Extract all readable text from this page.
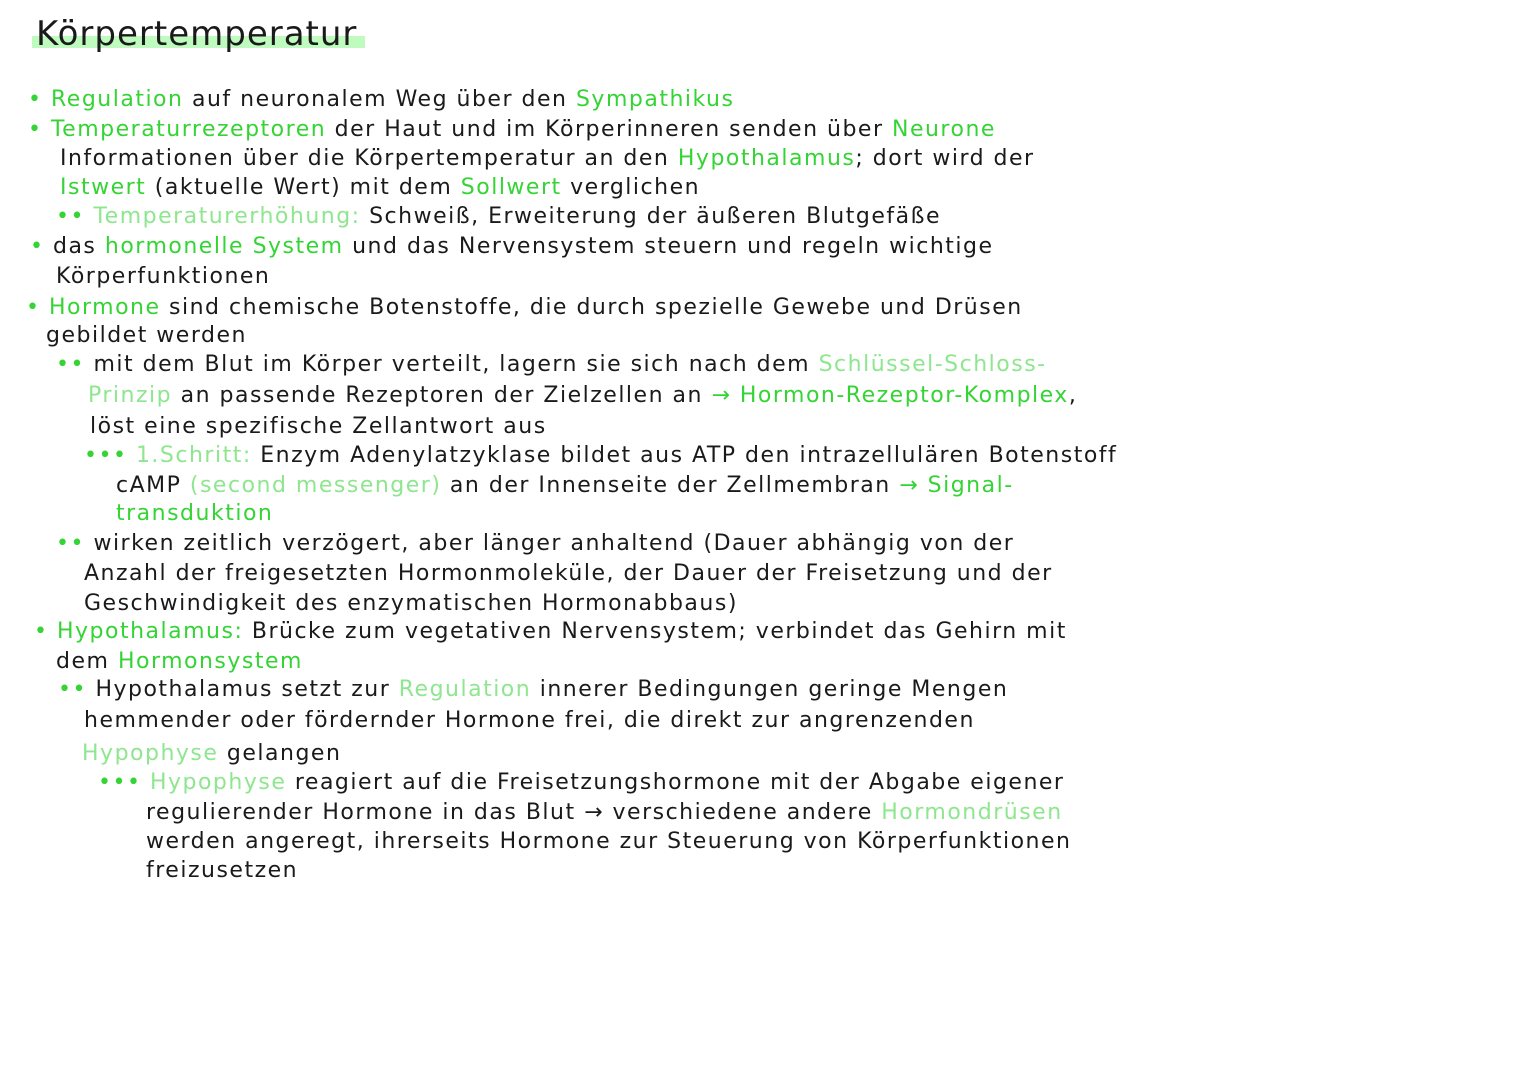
Körpertemperatur
• Regulation auf neuronalem Weg über den Sympathikus
• Temperaturrezeptoren der Haut und im Körperinneren senden über Neurone
Informationen über die Körpertemperatur an den Hypothalamus; dort wird der
Istwert (aktuelle Wert) mit dem Sollwert verglichen
•• Temperaturerhöhung: Schweiß, Erweiterung der äußeren Blutgefäße
• das hormonelle System und das Nervensystem steuern und regeln wichtige
Körperfunktionen
• Hormone sind chemische Botenstoffe, die durch spezielle Gewebe und Drüsen
gebildet werden
•• mit dem Blut im Körper verteilt, lagern sie sich nach dem Schlüssel-Schloss-
Prinzip an passende Rezeptoren der Zielzellen an → Hormon-Rezeptor-Komplex,
löst eine spezifische Zellantwort aus
••• 1.Schritt: Enzym Adenylatzyklase bildet aus ATP den intrazellulären Botenstoff
cAMP (second messenger) an der Innenseite der Zellmembran → Signal-
transduktion
•• wirken zeitlich verzögert, aber länger anhaltend (Dauer abhängig von der
Anzahl der freigesetzten Hormonmoleküle, der Dauer der Freisetzung und der
Geschwindigkeit des enzymatischen Hormonabbaus)
• Hypothalamus: Brücke zum vegetativen Nervensystem; verbindet das Gehirn mit
dem Hormonsystem
•• Hypothalamus setzt zur Regulation innerer Bedingungen geringe Mengen
hemmender oder fördernder Hormone frei, die direkt zur angrenzenden
Hypophyse gelangen
••• Hypophyse reagiert auf die Freisetzungshormone mit der Abgabe eigener
regulierender Hormone in das Blut → verschiedene andere Hormondrüsen
werden angeregt, ihrerseits Hormone zur Steuerung von Körperfunktionen
freizusetzen
